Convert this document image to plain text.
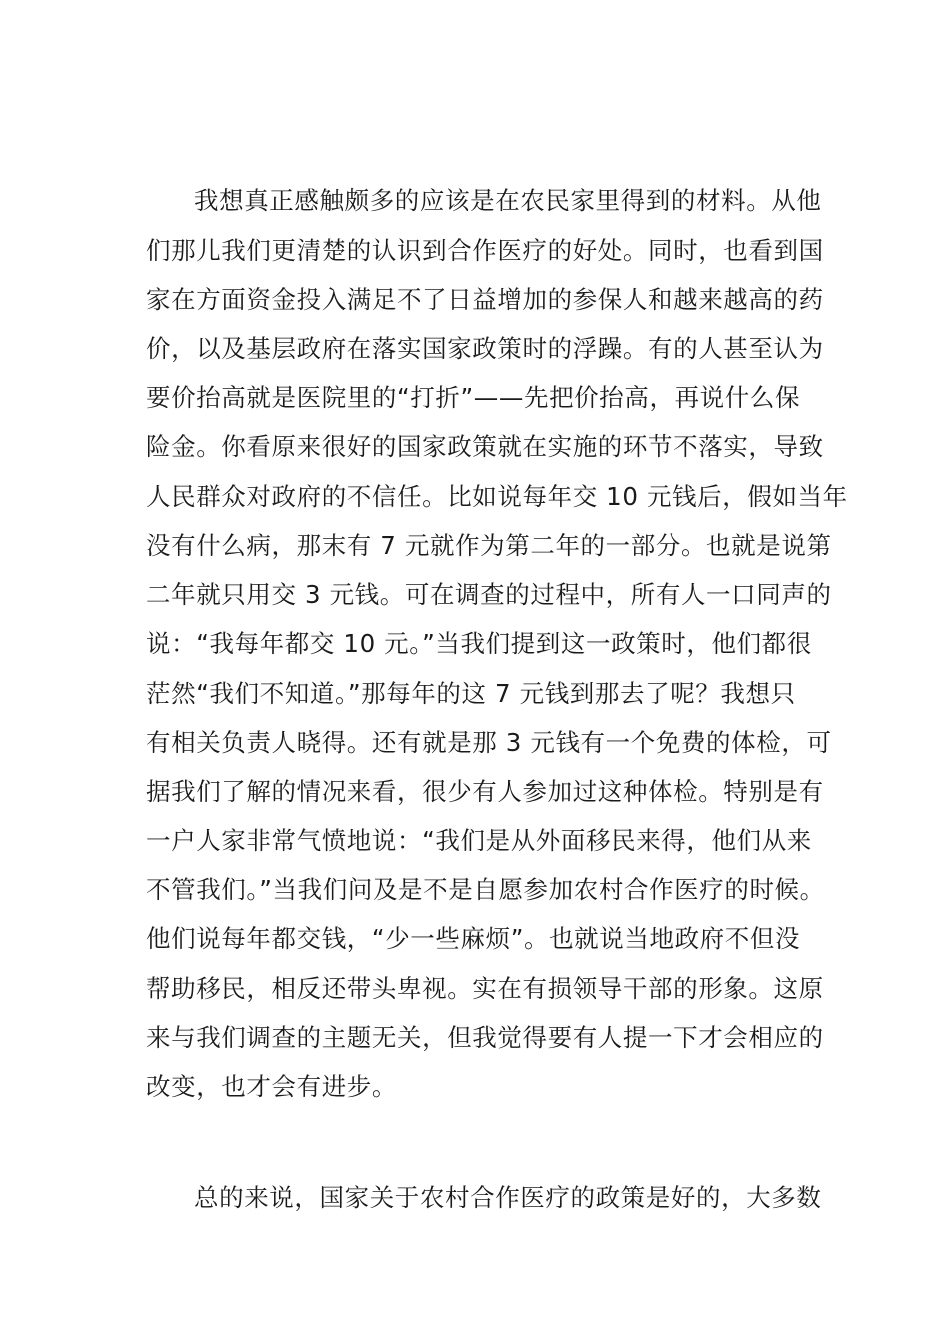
我想真正感触颇多的应该是在农民家里得到的材料。从他
们那儿我们更清楚的认识到合作医疗的好处。同时，也看到国
家在方面资金投入满足不了日益增加的参保人和越来越高的药
价，以及基层政府在落实国家政策时的浮躁。有的人甚至认为
要价抬高就是医院里的“打折”——先把价抬高，再说什么保
险金。你看原来很好的国家政策就在实施的环节不落实，导致
人民群众对政府的不信任。比如说每年交 10 元钱后，假如当年
没有什么病，那末有 7 元就作为第二年的一部分。也就是说第
二年就只用交 3 元钱。可在调查的过程中，所有人一口同声的
说：“我每年都交 10 元。”当我们提到这一政策时，他们都很
茫然“我们不知道。”那每年的这 7 元钱到那去了呢？我想只
有相关负责人晓得。还有就是那 3 元钱有一个免费的体检，可
据我们了解的情况来看，很少有人参加过这种体检。特别是有
一户人家非常气愤地说：“我们是从外面移民来得，他们从来
不管我们。”当我们问及是不是自愿参加农村合作医疗的时候。
他们说每年都交钱，“少一些麻烦”。也就说当地政府不但没
帮助移民，相反还带头卑视。实在有损领导干部的形象。这原
来与我们调查的主题无关，但我觉得要有人提一下才会相应的
改变，也才会有进步。
总的来说，国家关于农村合作医疗的政策是好的，大多数
